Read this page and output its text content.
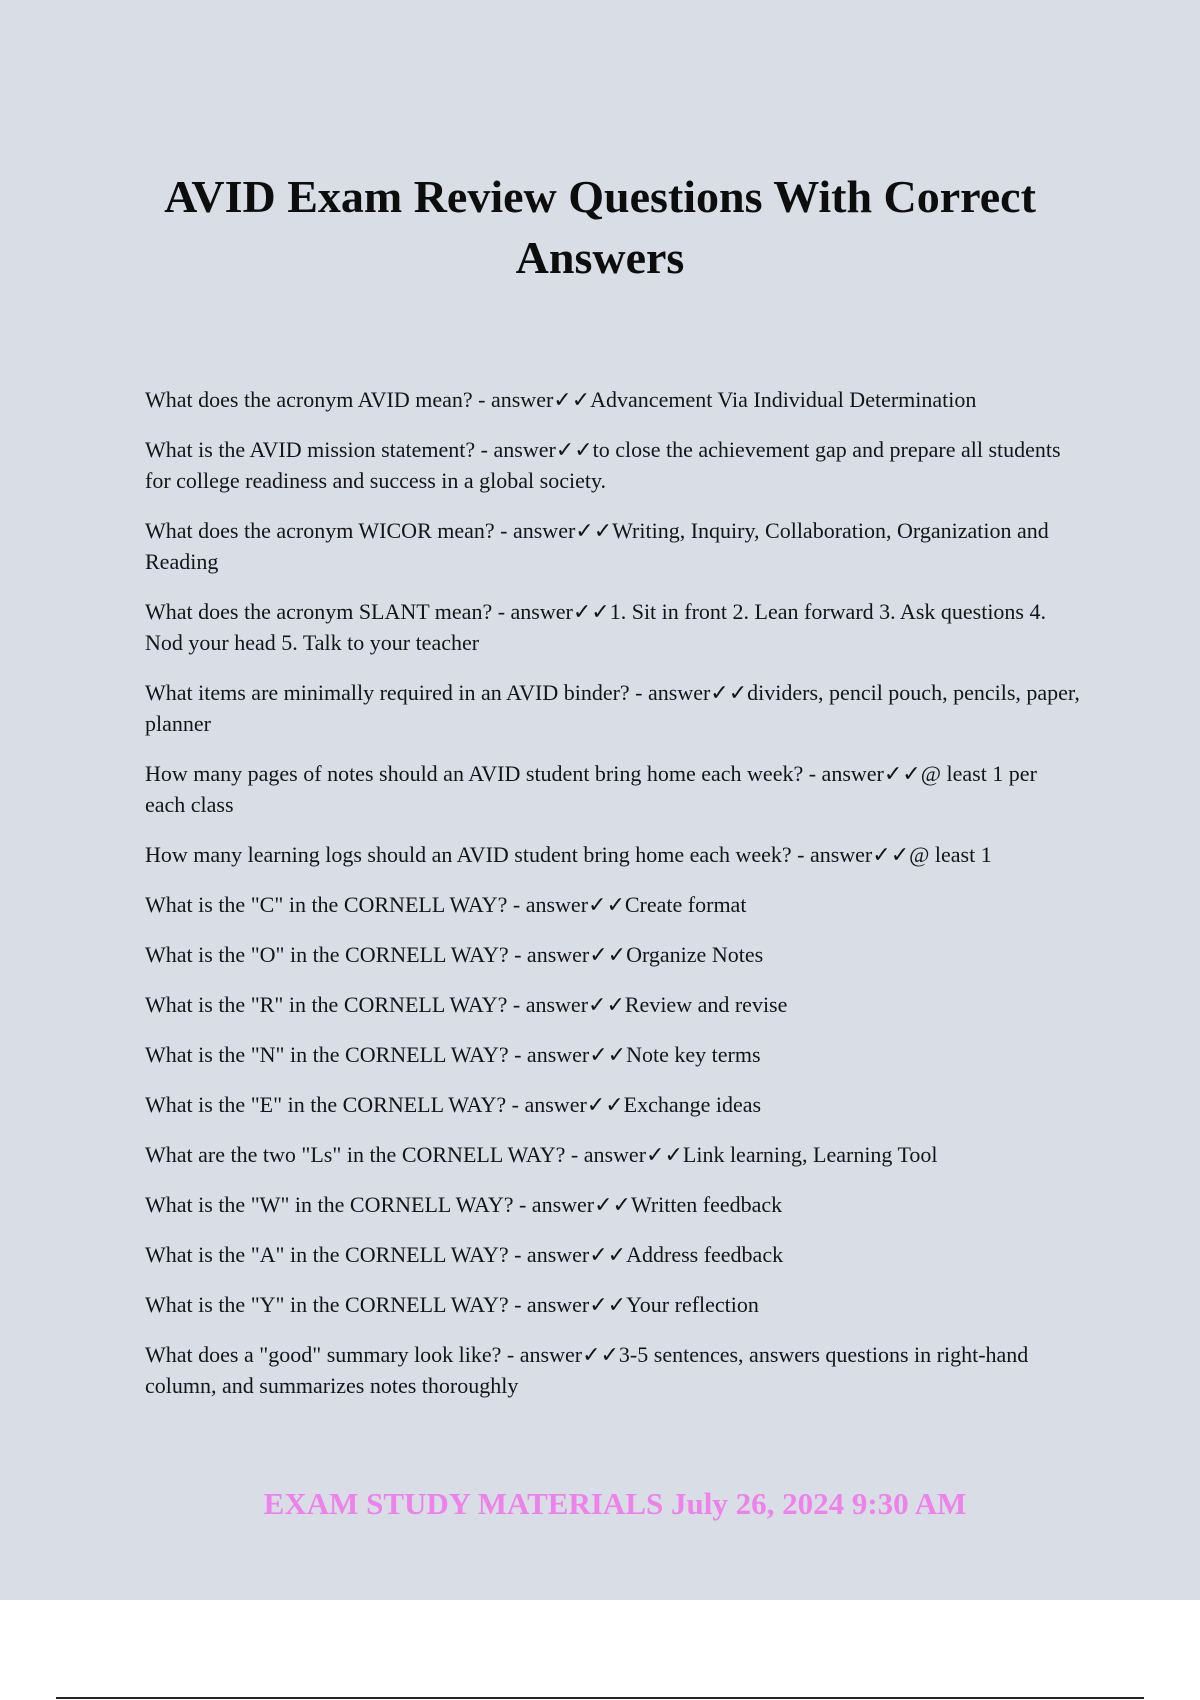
AVID Exam Review Questions With Correct Answers
What does the acronym AVID mean? - answer✓✓Advancement Via Individual Determination
What is the AVID mission statement? - answer✓✓to close the achievement gap and prepare all students for college readiness and success in a global society.
What does the acronym WICOR mean? - answer✓✓Writing, Inquiry, Collaboration, Organization and Reading
What does the acronym SLANT mean? - answer✓✓1. Sit in front 2. Lean forward 3. Ask questions 4. Nod your head 5. Talk to your teacher
What items are minimally required in an AVID binder? - answer✓✓dividers, pencil pouch, pencils, paper, planner
How many pages of notes should an AVID student bring home each week? - answer✓✓@ least 1 per each class
How many learning logs should an AVID student bring home each week? - answer✓✓@ least 1
What is the "C" in the CORNELL WAY? - answer✓✓Create format
What is the "O" in the CORNELL WAY? - answer✓✓Organize Notes
What is the "R" in the CORNELL WAY? - answer✓✓Review and revise
What is the "N" in the CORNELL WAY? - answer✓✓Note key terms
What is the "E" in the CORNELL WAY? - answer✓✓Exchange ideas
What are the two "Ls" in the CORNELL WAY? - answer✓✓Link learning, Learning Tool
What is the "W" in the CORNELL WAY? - answer✓✓Written feedback
What is the "A" in the CORNELL WAY? - answer✓✓Address feedback
What is the "Y" in the CORNELL WAY? - answer✓✓Your reflection
What does a "good" summary look like? - answer✓✓3-5 sentences, answers questions in right-hand column, and summarizes notes thoroughly
EXAM STUDY MATERIALS July 26, 2024 9:30 AM
